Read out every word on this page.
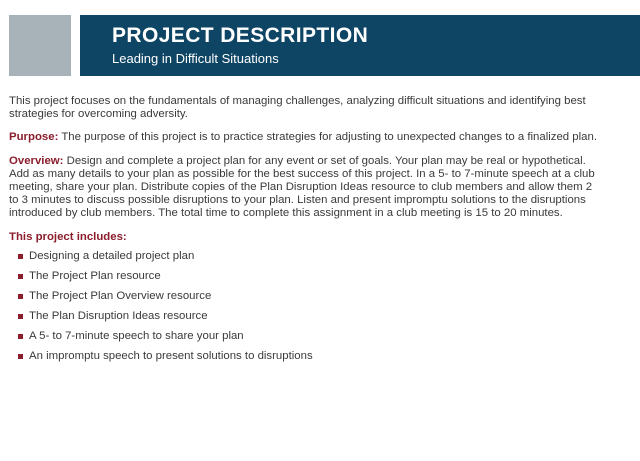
PROJECT DESCRIPTION
Leading in Difficult Situations

This project focuses on the fundamentals of managing challenges, analyzing difficult situations and identifying best strategies for overcoming adversity.

Purpose: The purpose of this project is to practice strategies for adjusting to unexpected changes to a finalized plan.

Overview: Design and complete a project plan for any event or set of goals. Your plan may be real or hypothetical. Add as many details to your plan as possible for the best success of this project. In a 5- to 7-minute speech at a club meeting, share your plan. Distribute copies of the Plan Disruption Ideas resource to club members and allow them 2 to 3 minutes to discuss possible disruptions to your plan. Listen and present impromptu solutions to the disruptions introduced by club members. The total time to complete this assignment in a club meeting is 15 to 20 minutes.

This project includes:
Designing a detailed project plan
The Project Plan resource
The Project Plan Overview resource
The Plan Disruption Ideas resource
A 5- to 7-minute speech to share your plan
An impromptu speech to present solutions to disruptions
